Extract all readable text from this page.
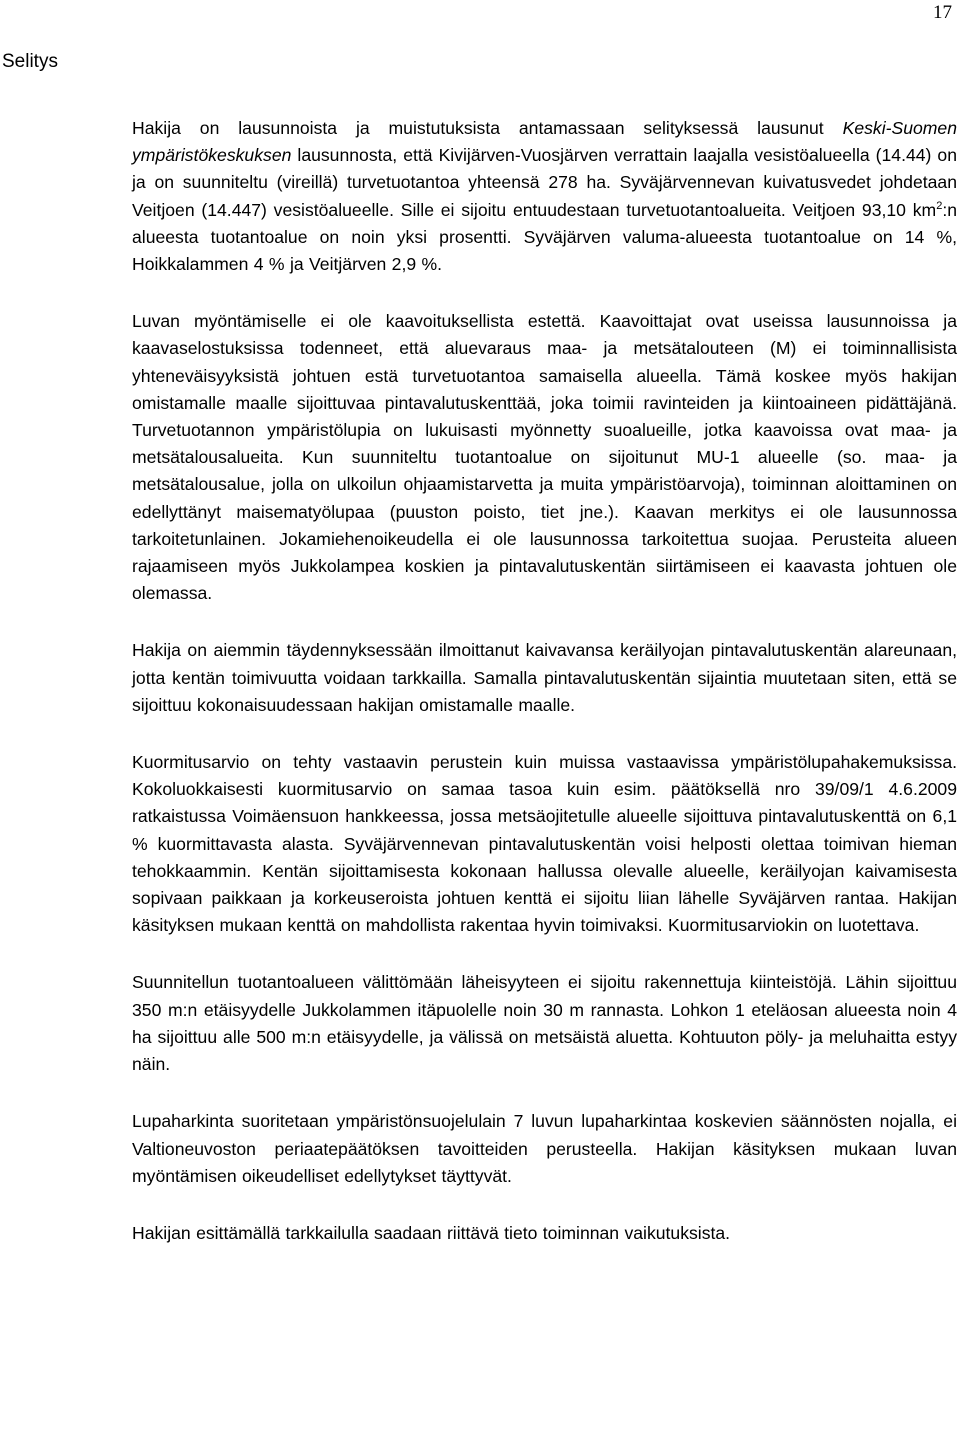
17
Selitys

Hakija on lausunnoista ja muistutuksista antamassaan selityksessä lausunut Keski-Suomen ympäristökeskuksen lausunnosta, että Kivijärven-Vuosjärven verrattain laajalla vesistöalueella (14.44) on ja on suunniteltu (vireillä) turvetuotantoa yhteensä 278 ha. Syväjärvennevan kuivatusvedet johdetaan Veitjoen (14.447) vesistöalueelle. Sille ei sijoitu entuudestaan turvetuotantoalueita. Veitjoen 93,10 $km^2:n$ alueesta tuotantoalue on noin yksi prosentti. Syväjärven valuma-alueesta tuotantoalue on 14 %, Hoikkalammen 4 % ja Veitjärven 2,9 %.

Luvan myöntämiselle ei ole kaavoituksellista estettä. Kaavoittajat ovat useissa lausunnoissa ja kaavaselostuksissa todenneet, että aluevaraus maa- ja metsätalouteen (M) ei toiminnallisista yhteneväisyyksistä johtuen estä turvetuotantoa samaisella alueella. Tämä koskee myös hakijan omistamalle maalle sijoittuvaa pintavalutuskenttää, joka toimii ravinteiden ja kiintoaineen pidättäjänä. Turvetuotannon ympäristölupia on lukuisasti myönnetty suoalueille, jotka kaavoissa ovat maa- ja metsätalousalueita. Kun suunniteltu tuotantoalue on sijoitunut MU-1 alueelle (so. maa- ja metsätalousalue, jolla on ulkoilun ohjaamistarvetta ja muita ympäristöarvoja), toiminnan aloittaminen on edellyttänyt maisematyölupaa (puuston poisto, tiet jne.). Kaavan merkitys ei ole lausunnossa tarkoitetunlainen. Jokamiehenoikeudella ei ole lausunnossa tarkoitettua suojaa. Perusteita alueen rajaamiseen myös Jukkolampea koskien ja pintavalutuskentän siirtämiseen ei kaavasta johtuen ole olemassa.

Hakija on aiemmin täydennyksessään ilmoittanut kaivavansa keräilyojan pintavalutuskentän alareunaan, jotta kentän toimivuutta voidaan tarkkailla. Samalla pintavalutuskentän sijaintia muutetaan siten, että se sijoittuu kokonaisuudessaan hakijan omistamalle maalle.

Kuormitusarvio on tehty vastaavin perustein kuin muissa vastaavissa ympäristölupahakemuksissa. Kokoluokkaisesti kuormitusarvio on samaa tasoa kuin esim. päätöksellä nro 39/09/1 4.6.2009 ratkaistussa Voimäensuon hankkeessa, jossa metsäojitetulle alueelle sijoittuva pintavalutuskenttä on 6,1 % kuormittavasta alasta. Syväjärvennevan pintavalutuskentän voisi helposti olettaa toimivan hieman tehokkaammin. Kentän sijoittamisesta kokonaan hallussa olevalle alueelle, keräilyojan kaivamisesta sopivaan paikkaan ja korkeuseroista johtuen kenttä ei sijoitu liian lähelle Syväjärven rantaa. Hakijan käsityksen mukaan kenttä on mahdollista rakentaa hyvin toimivaksi. Kuormitusarviokin on luotettava.

Suunnitellun tuotantoalueen välittömään läheisyyteen ei sijoitu rakennettuja kiinteistöjä. Lähin sijoittuu 350 m:n etäisyydelle Jukkolammen itäpuolelle noin 30 m rannasta. Lohkon 1 eteläosan alueesta noin 4 ha sijoittuu alle 500 m:n etäisyydelle, ja välissä on metsäistä aluetta. Kohtuuton pöly- ja meluhaitta estyy näin.

Lupaharkinta suoritetaan ympäristönsuojelulain 7 luvun lupaharkintaa koskevien säännösten nojalla, ei Valtioneuvoston periaatepäätöksen tavoitteiden perusteella. Hakijan käsityksen mukaan luvan myöntämisen oikeudelliset edellytykset täyttyvät.

Hakijan esittämällä tarkkailulla saadaan riittävä tieto toiminnan vaikutuksista.
